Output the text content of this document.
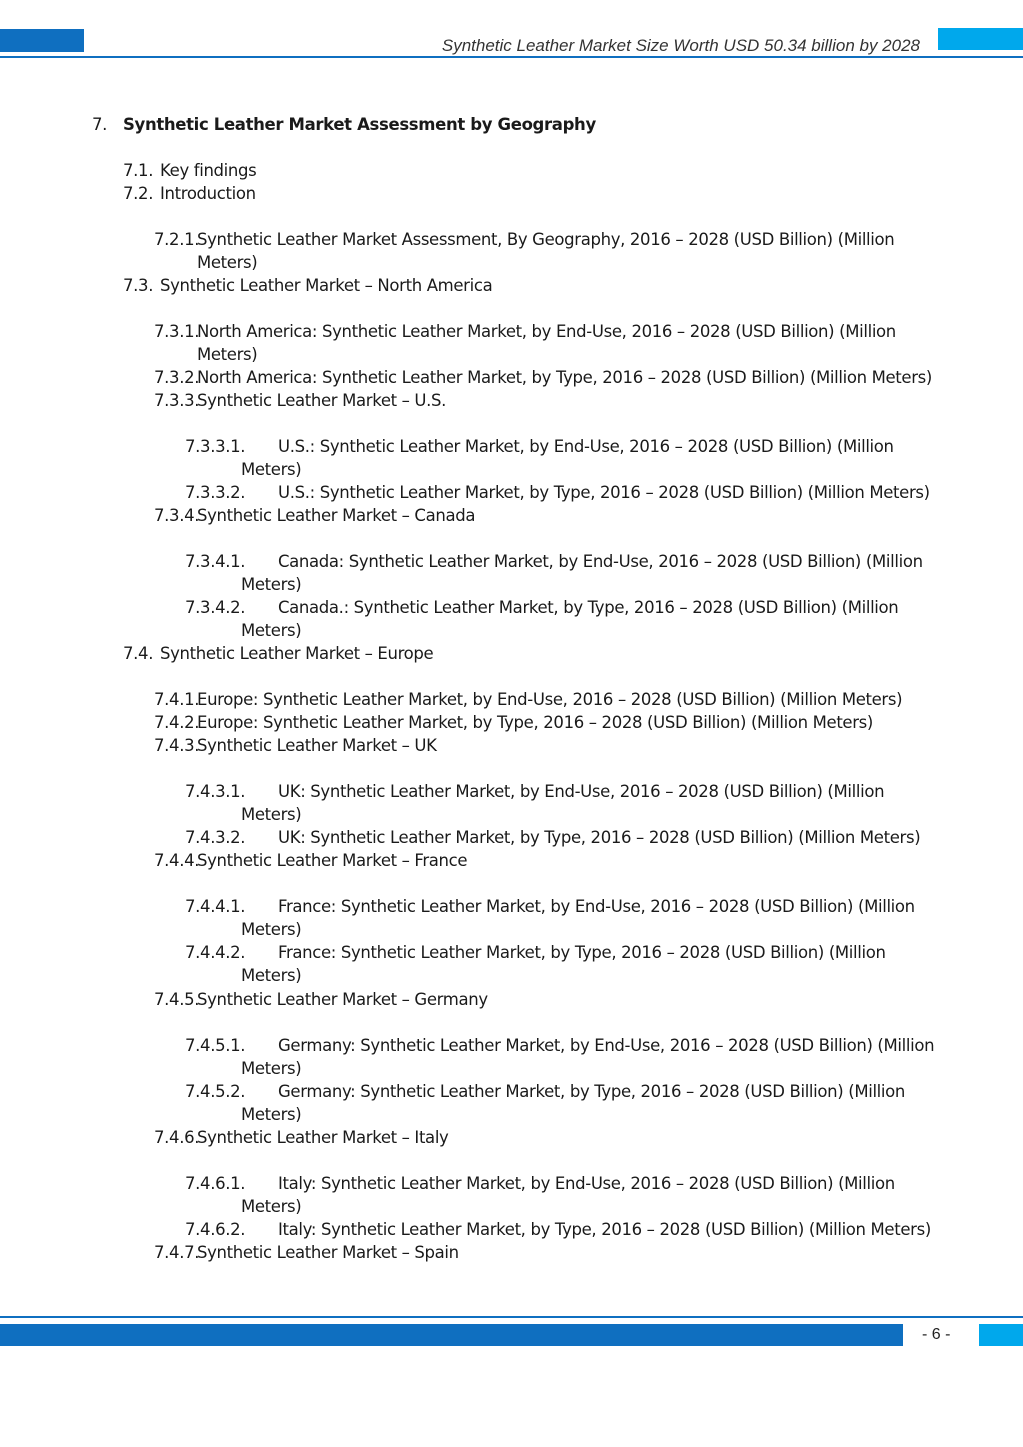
Synthetic Leather Market Size Worth USD 50.34 billion by 2028
7. Synthetic Leather Market Assessment by Geography
7.1. Key findings
7.2. Introduction
7.2.1.
Synthetic Leather Market Assessment, By Geography, 2016 – 2028 (USD Billion) (Million
Meters)
7.3. Synthetic Leather Market – North America
7.3.1.
North America: Synthetic Leather Market, by End-Use, 2016 – 2028 (USD Billion) (Million
Meters)
7.3.2.
North America: Synthetic Leather Market, by Type, 2016 – 2028 (USD Billion) (Million Meters)
7.3.3.
Synthetic Leather Market – U.S.
7.3.3.1. U.S.: Synthetic Leather Market, by End-Use, 2016 – 2028 (USD Billion) (Million
Meters)
7.3.3.2. U.S.: Synthetic Leather Market, by Type, 2016 – 2028 (USD Billion) (Million Meters)
7.3.4.
Synthetic Leather Market – Canada
7.3.4.1. Canada: Synthetic Leather Market, by End-Use, 2016 – 2028 (USD Billion) (Million
Meters)
7.3.4.2. Canada.: Synthetic Leather Market, by Type, 2016 – 2028 (USD Billion) (Million
Meters)
7.4. Synthetic Leather Market – Europe
7.4.1.
Europe: Synthetic Leather Market, by End-Use, 2016 – 2028 (USD Billion) (Million Meters)
7.4.2.
Europe: Synthetic Leather Market, by Type, 2016 – 2028 (USD Billion) (Million Meters)
7.4.3.
Synthetic Leather Market – UK
7.4.3.1. UK: Synthetic Leather Market, by End-Use, 2016 – 2028 (USD Billion) (Million
Meters)
7.4.3.2. UK: Synthetic Leather Market, by Type, 2016 – 2028 (USD Billion) (Million Meters)
7.4.4.
Synthetic Leather Market – France
7.4.4.1. France: Synthetic Leather Market, by End-Use, 2016 – 2028 (USD Billion) (Million
Meters)
7.4.4.2. France: Synthetic Leather Market, by Type, 2016 – 2028 (USD Billion) (Million
Meters)
7.4.5.
Synthetic Leather Market – Germany
7.4.5.1. Germany: Synthetic Leather Market, by End-Use, 2016 – 2028 (USD Billion) (Million
Meters)
7.4.5.2. Germany: Synthetic Leather Market, by Type, 2016 – 2028 (USD Billion) (Million
Meters)
7.4.6.
Synthetic Leather Market – Italy
7.4.6.1. Italy: Synthetic Leather Market, by End-Use, 2016 – 2028 (USD Billion) (Million
Meters)
7.4.6.2. Italy: Synthetic Leather Market, by Type, 2016 – 2028 (USD Billion) (Million Meters)
7.4.7.
Synthetic Leather Market – Spain
- 6 -
